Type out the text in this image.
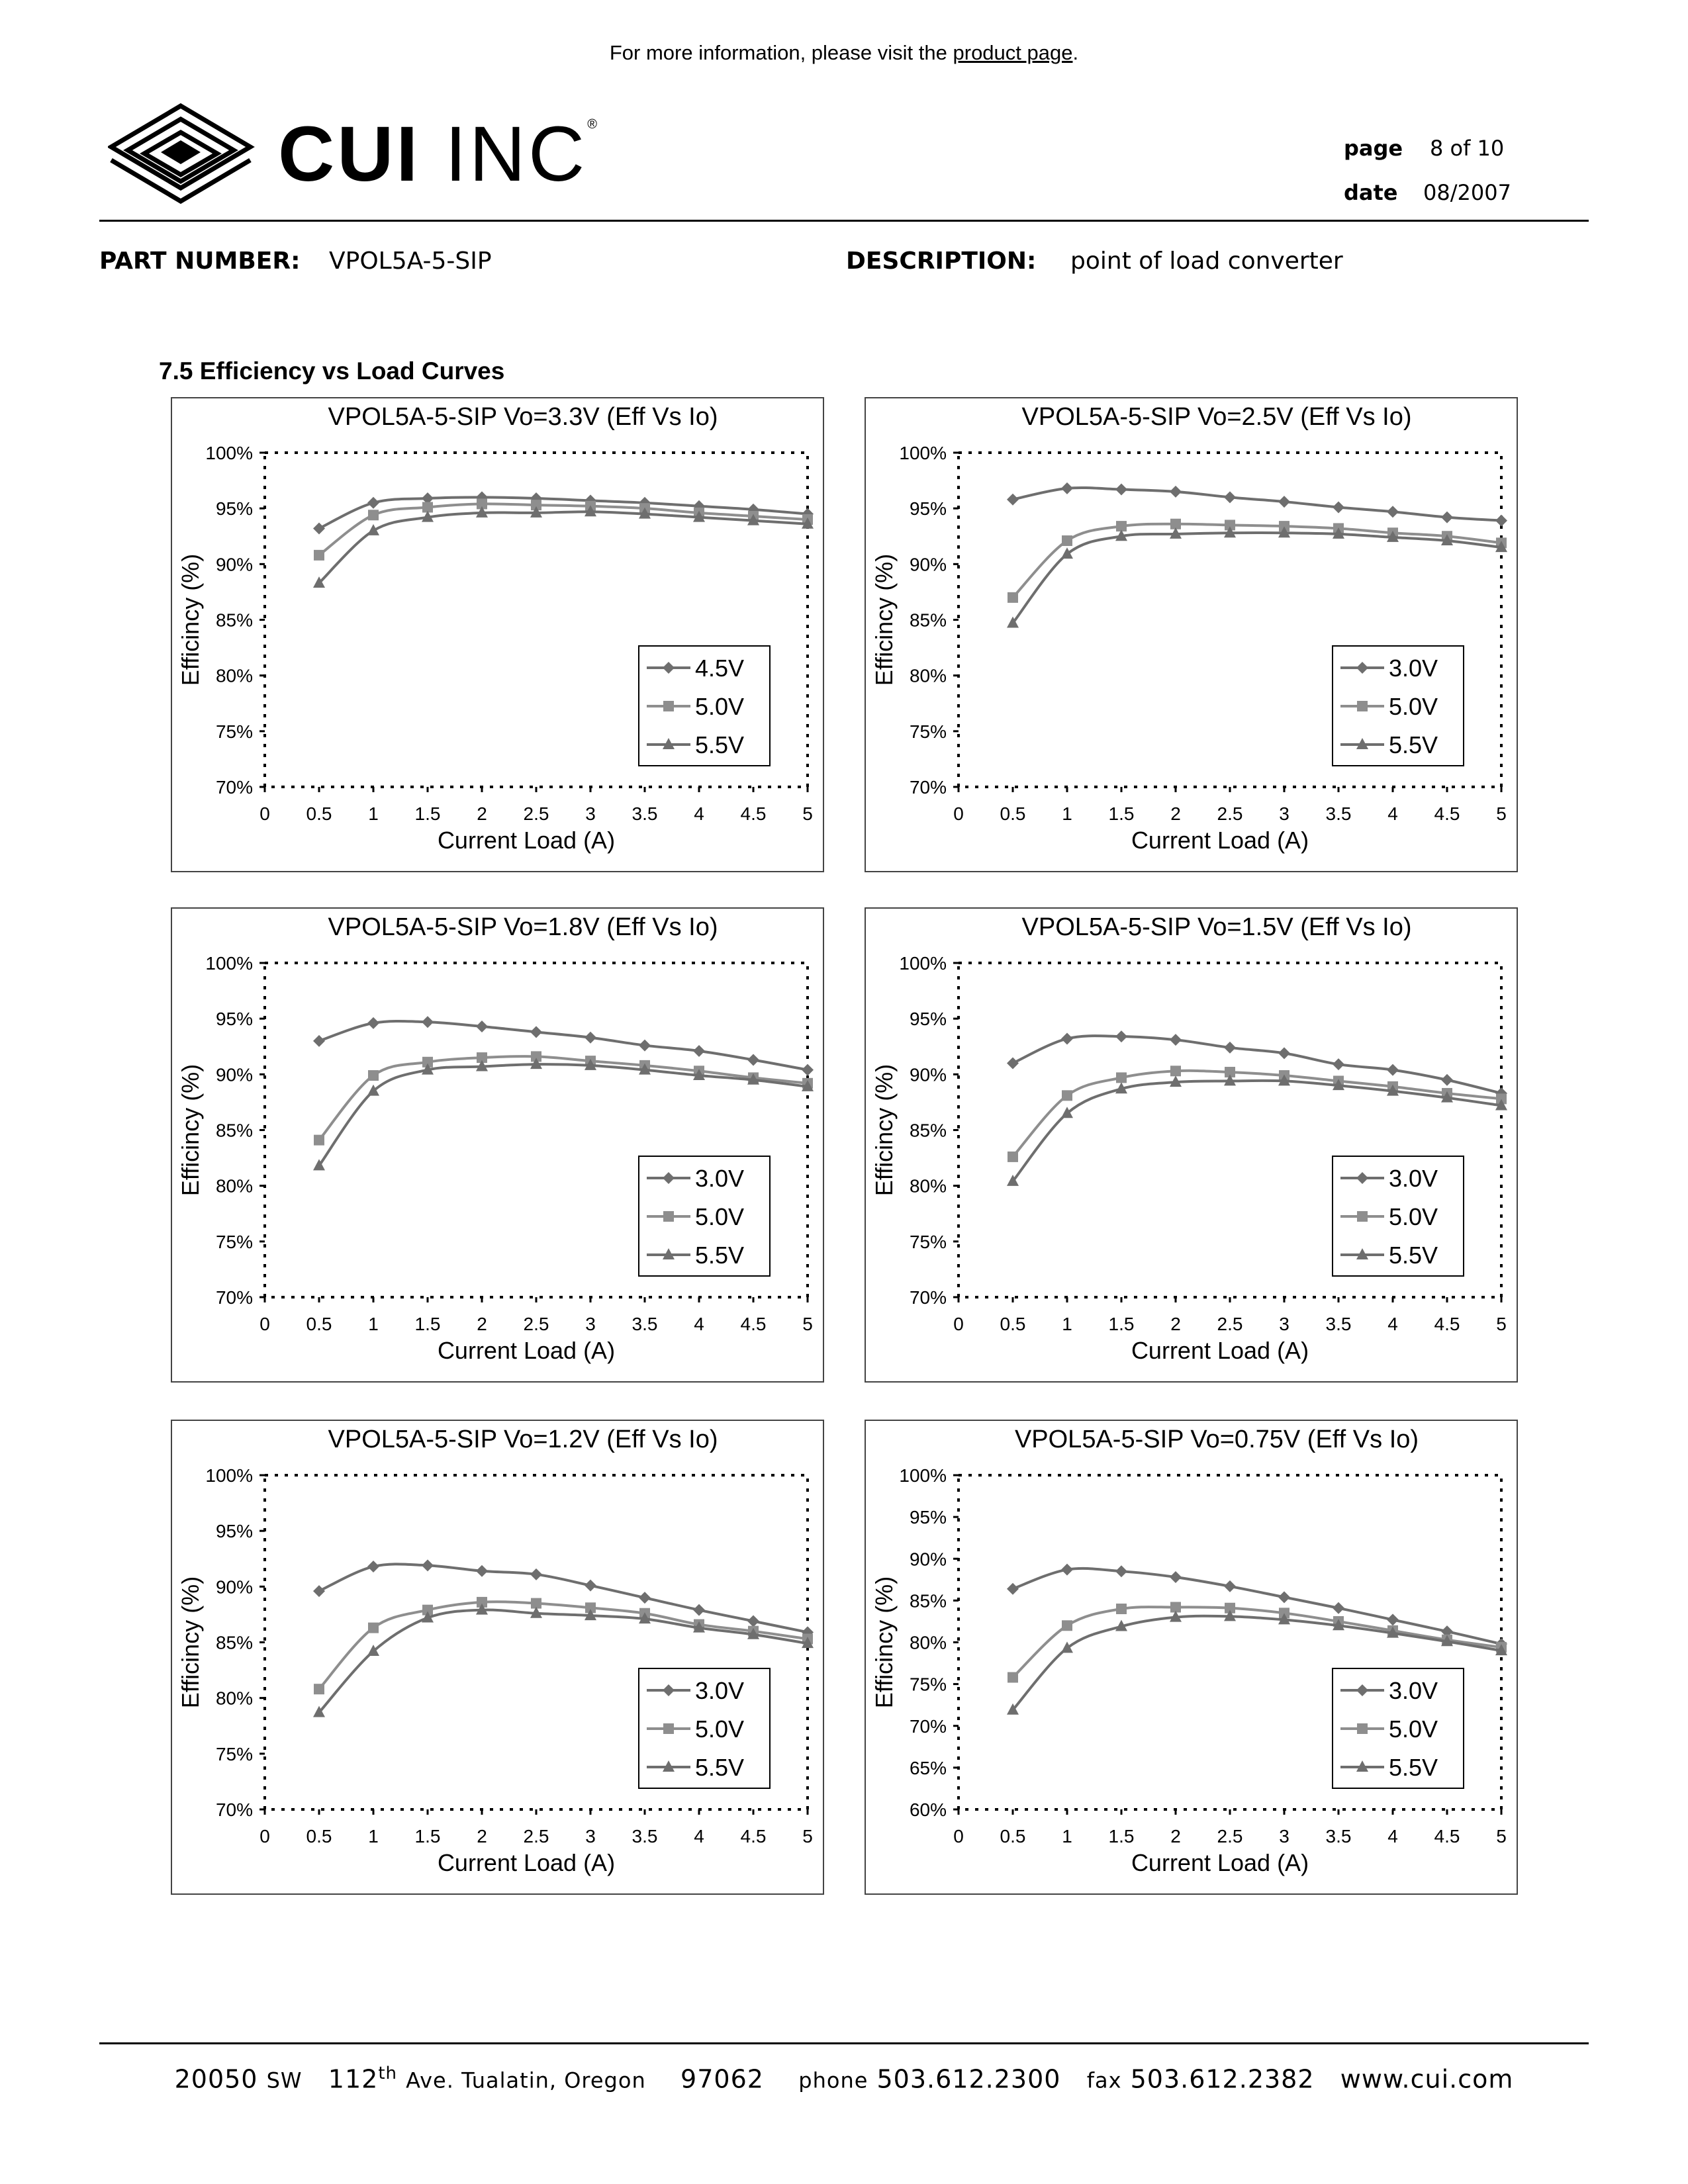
For more information, please visit the product page.
CUI INC®
page 8 of 10
date 08/2007
PART NUMBER: VPOL5A-5-SIP	DESCRIPTION: point of load converter
7.5 Efficiency vs Load Curves
VPOL5A-5-SIP Vo=3.3V (Eff Vs Io)
70%
75%
80%
85%
90%
95%
100%
0 0.5 1 1.5 2 2.5 3 3.5 4 4.5 5
Current Load (A)
Efficincy (%)	4.5V
5.0V
5.5V
VPOL5A-5-SIP Vo=2.5V (Eff Vs Io)
70%
75%
80%
85%
90%
95%
100%
0 0.5 1 1.5 2 2.5 3 3.5 4 4.5 5
Current Load (A)
Efficincy (%)	3.0V
5.0V
5.5V
VPOL5A-5-SIP Vo=1.8V (Eff Vs Io)
70%
75%
80%
85%
90%
95%
100%
0 0.5 1 1.5 2 2.5 3 3.5 4 4.5 5
Current Load (A)
Efficincy (%)	3.0V
5.0V
5.5V
VPOL5A-5-SIP Vo=1.5V (Eff Vs Io)
70%
75%
80%
85%
90%
95%
100%
0 0.5 1 1.5 2 2.5 3 3.5 4 4.5 5
Current Load (A)
Efficincy (%)	3.0V
5.0V
5.5V
VPOL5A-5-SIP Vo=1.2V (Eff Vs Io)
70%
75%
80%
85%
90%
95%
100%
0 0.5 1 1.5 2 2.5 3 3.5 4 4.5 5
Current Load (A)
Efficincy (%)	3.0V
5.0V
5.5V
VPOL5A-5-SIP Vo=0.75V (Eff Vs Io)
60%
65%
70%
75%
80%
85%
90%
95%
100%
0 0.5 1 1.5 2 2.5 3 3.5 4 4.5 5
Current Load (A)
Efficincy (%)	3.0V
5.0V
5.5V
20050 SW 112th Ave. Tualatin, Oregon 97062 phone 503.612.2300 fax 503.612.2382 www.cui.com
